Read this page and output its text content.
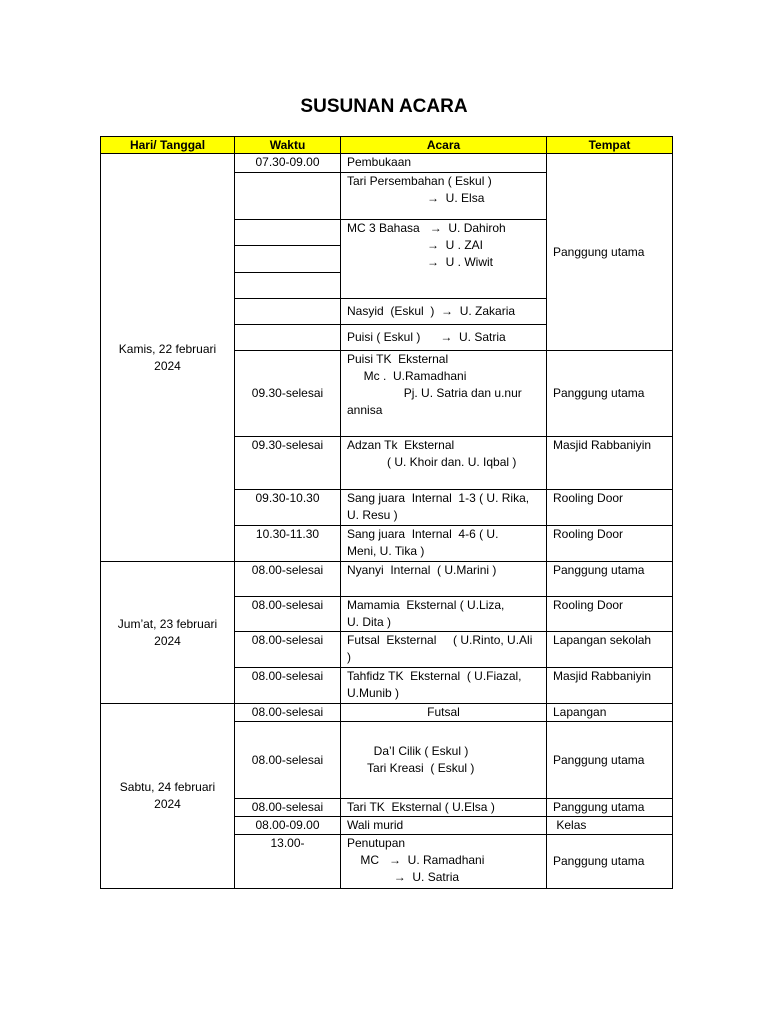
SUSUNAN ACARA
Hari/ Tanggal	Waktu	Acara	Tempat
Kamis, 22 februari
2024	07.30-09.00	Pembukaan	Panggung utama
		Tari Persembahan ( Eskul )
→  U. Elsa	
		MC 3 Bahasa   →  U. Dahiroh
→  U . ZAI
→  U . Wiwit	

		Nasyid  (Eskul  )  →  U. Zakaria	
		Puisi ( Eskul )      →  U. Satria	
	09.30-selesai	Puisi TK  Eksternal
Mc .  U.Ramadhani
Pj. U. Satria dan u.nur
annisa	Panggung utama
	09.30-selesai	Adzan Tk  Eksternal
( U. Khoir dan. U. Iqbal )	Masjid Rabbaniyin
	09.30-10.30	Sang juara  Internal  1-3 ( U. Rika,
U. Resu )	Rooling Door
	10.30-11.30	Sang juara  Internal  4-6 ( U.
Meni, U. Tika )	Rooling Door
Jum’at, 23 februari
2024	08.00-selesai	Nyanyi  Internal  ( U.Marini )	Panggung utama
	08.00-selesai	Mamamia  Eksternal ( U.Liza,
U. Dita )	Rooling Door
	08.00-selesai	Futsal  Eksternal     ( U.Rinto, U.Ali
)	Lapangan sekolah
	08.00-selesai	Tahfidz TK  Eksternal  ( U.Fiazal,
U.Munib )	Masjid Rabbaniyin
Sabtu, 24 februari
2024	08.00-selesai	Futsal	Lapangan
	08.00-selesai	Da’I Cilik ( Eskul )
Tari Kreasi  ( Eskul )	Panggung utama
	08.00-selesai	Tari TK  Eksternal ( U.Elsa )	Panggung utama
	08.00-09.00	Wali murid	Kelas
	13.00-	Penutupan
MC   →  U. Ramadhani
→  U. Satria	Panggung utama
